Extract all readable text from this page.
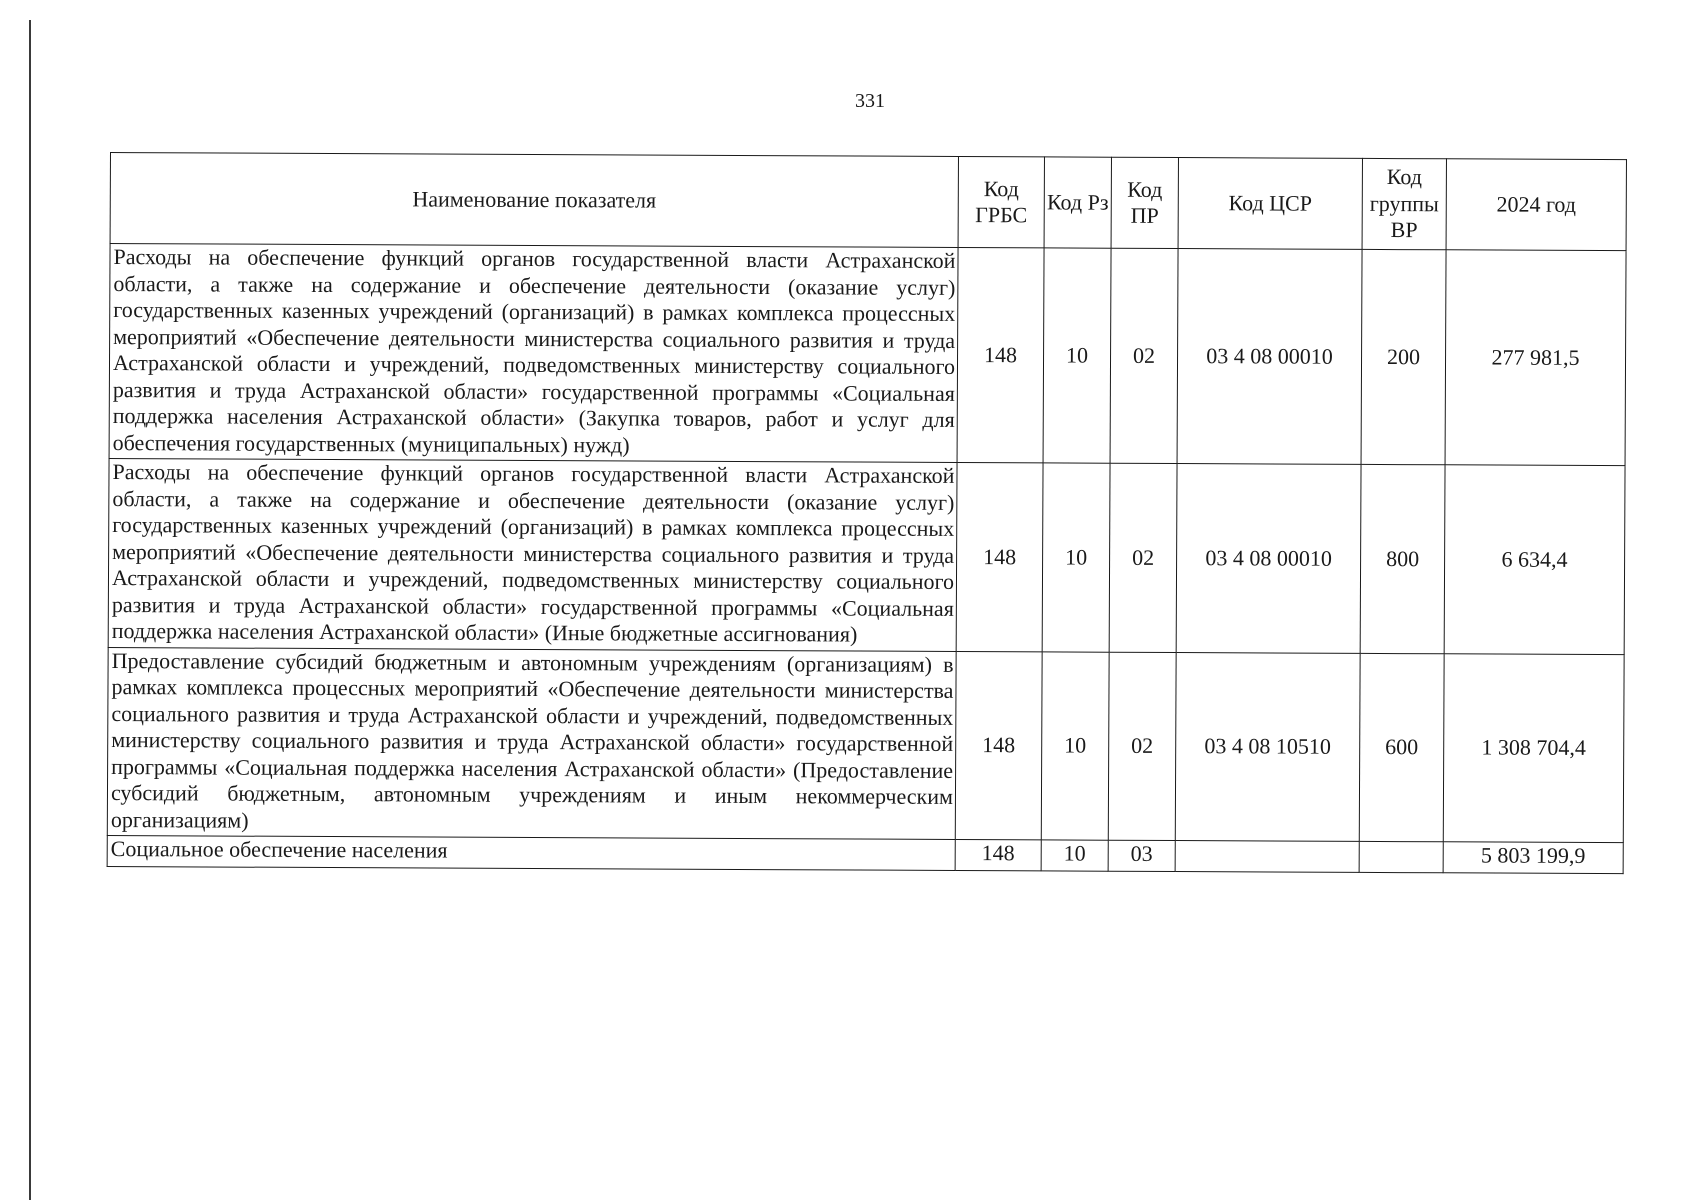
331
Наименование показателя	Код ГРБС	Код Рз	Код ПР	Код ЦСР	Код группы ВР	2024 год
Расходы на обеспечение функций органов государственной власти Астраханской области, а также на содержание и обеспечение деятельности (оказание услуг) государственных казенных учреждений (организаций) в рамках комплекса процессных мероприятий «Обеспечение деятельности министерства социального развития и труда Астраханской области и учреждений, подведомственных министерству социального развития и труда Астраханской области» государственной программы «Социальная поддержка населения Астраханской области» (Закупка товаров, работ и услуг для обеспечения государственных (муниципальных) нужд)	148	10	02	03 4 08 00010	200	277 981,5
Расходы на обеспечение функций органов государственной власти Астраханской области, а также на содержание и обеспечение деятельности (оказание услуг) государственных казенных учреждений (организаций) в рамках комплекса процессных мероприятий «Обеспечение деятельности министерства социального развития и труда Астраханской области и учреждений, подведомственных министерству социального развития и труда Астраханской области» государственной программы «Социальная поддержка населения Астраханской области» (Иные бюджетные ассигнования)	148	10	02	03 4 08 00010	800	6 634,4
Предоставление субсидий бюджетным и автономным учреждениям (организациям) в рамках комплекса процессных мероприятий «Обеспечение деятельности министерства социального развития и труда Астраханской области и учреждений, подведомственных министерству социального развития и труда Астраханской области» государственной программы «Социальная поддержка населения Астраханской области» (Предоставление субсидий бюджетным, автономным учреждениям и иным некоммерческим организациям)	148	10	02	03 4 08 10510	600	1 308 704,4
Социальное обеспечение населения	148	10	03			5 803 199,9
